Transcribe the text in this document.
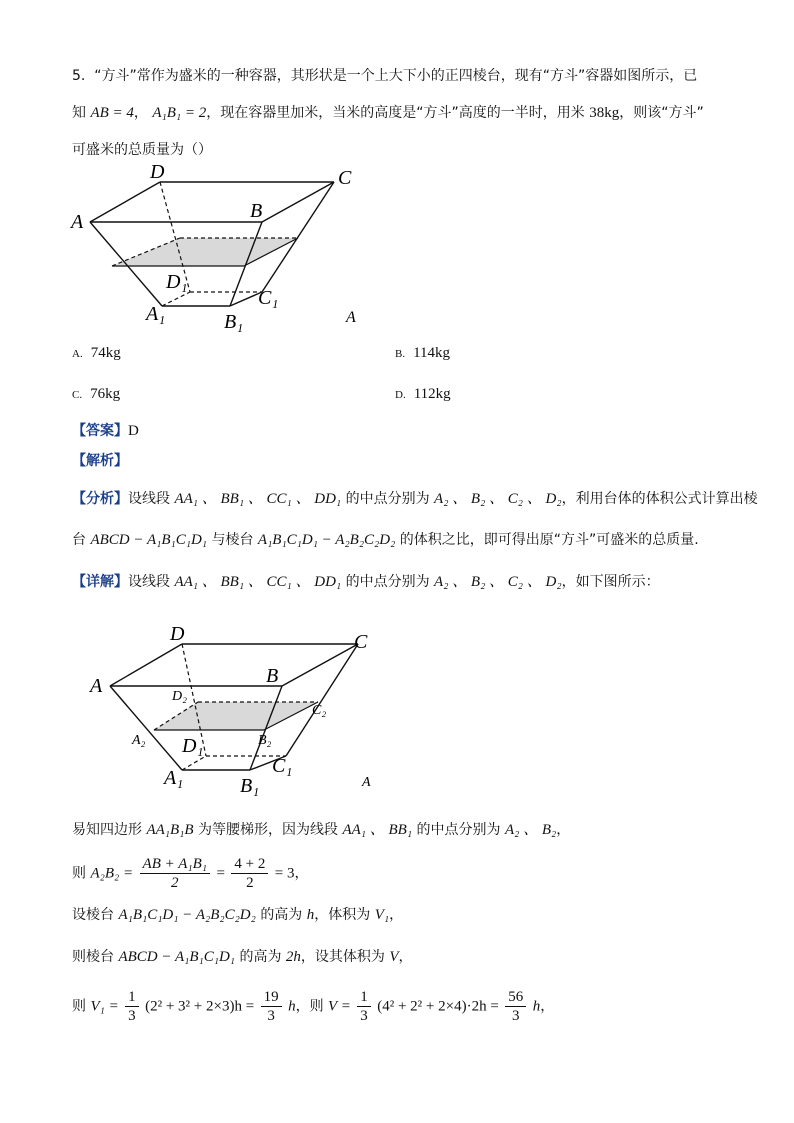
5. “方斗”常作为盛米的一种容器，其形状是一个上大下小的正四棱台，现有“方斗”容器如图所示，已
知 AB = 4， A₁B₁ = 2，现在容器里加米，当米的高度是“方斗”高度的一半时，用米 38kg，则该“方斗”
可盛米的总质量为（）
A
D	C
B
D₁
C₁
A₁	B₁	A
A. 74kg	B. 114kg
C. 76kg	D. 112kg
【答案】D
【解析】
【分析】设线段 AA₁ 、 BB₁ 、 CC₁ 、 DD₁ 的中点分别为 A₂ 、 B₂ 、 C₂ 、 D₂，利用台体的体积公式计算出棱
台 ABCD − A₁B₁C₁D₁ 与棱台 A₁B₁C₁D₁ − A₂B₂C₂D₂ 的体积之比，即可得出原“方斗”可盛米的总质量.
【详解】设线段 AA₁ 、 BB₁ 、 CC₁ 、 DD₁ 的中点分别为 A₂ 、 B₂ 、 C₂ 、 D₂，如下图所示：
A
D	C
B
D₂
C₂
A₂	B₂
D₁
C₁
A₁	B₁	A
易知四边形 AA₁B₁B 为等腰梯形，因为线段 AA₁ 、 BB₁ 的中点分别为 A₂ 、 B₂，
则 $A_2B_2 = \frac{\text{AB + A₁B₁}}{2} = \frac{4 + 2}{2} = 3$，
设棱台 A₁B₁C₁D₁ − A₂B₂C₂D₂ 的高为 h，体积为 V₁，
则棱台 ABCD − A₁B₁C₁D₁ 的高为 2h，设其体积为 V，
则 $V_1 = \frac{1}{3} (2^2 + 3^2 + 2\times 3)h = \frac{19}{3}$ h，则 $V = \frac{1}{3} (4^2 + 2^2 + 2\times 4)\cdot 2h = \frac{56}{3}$ h，
